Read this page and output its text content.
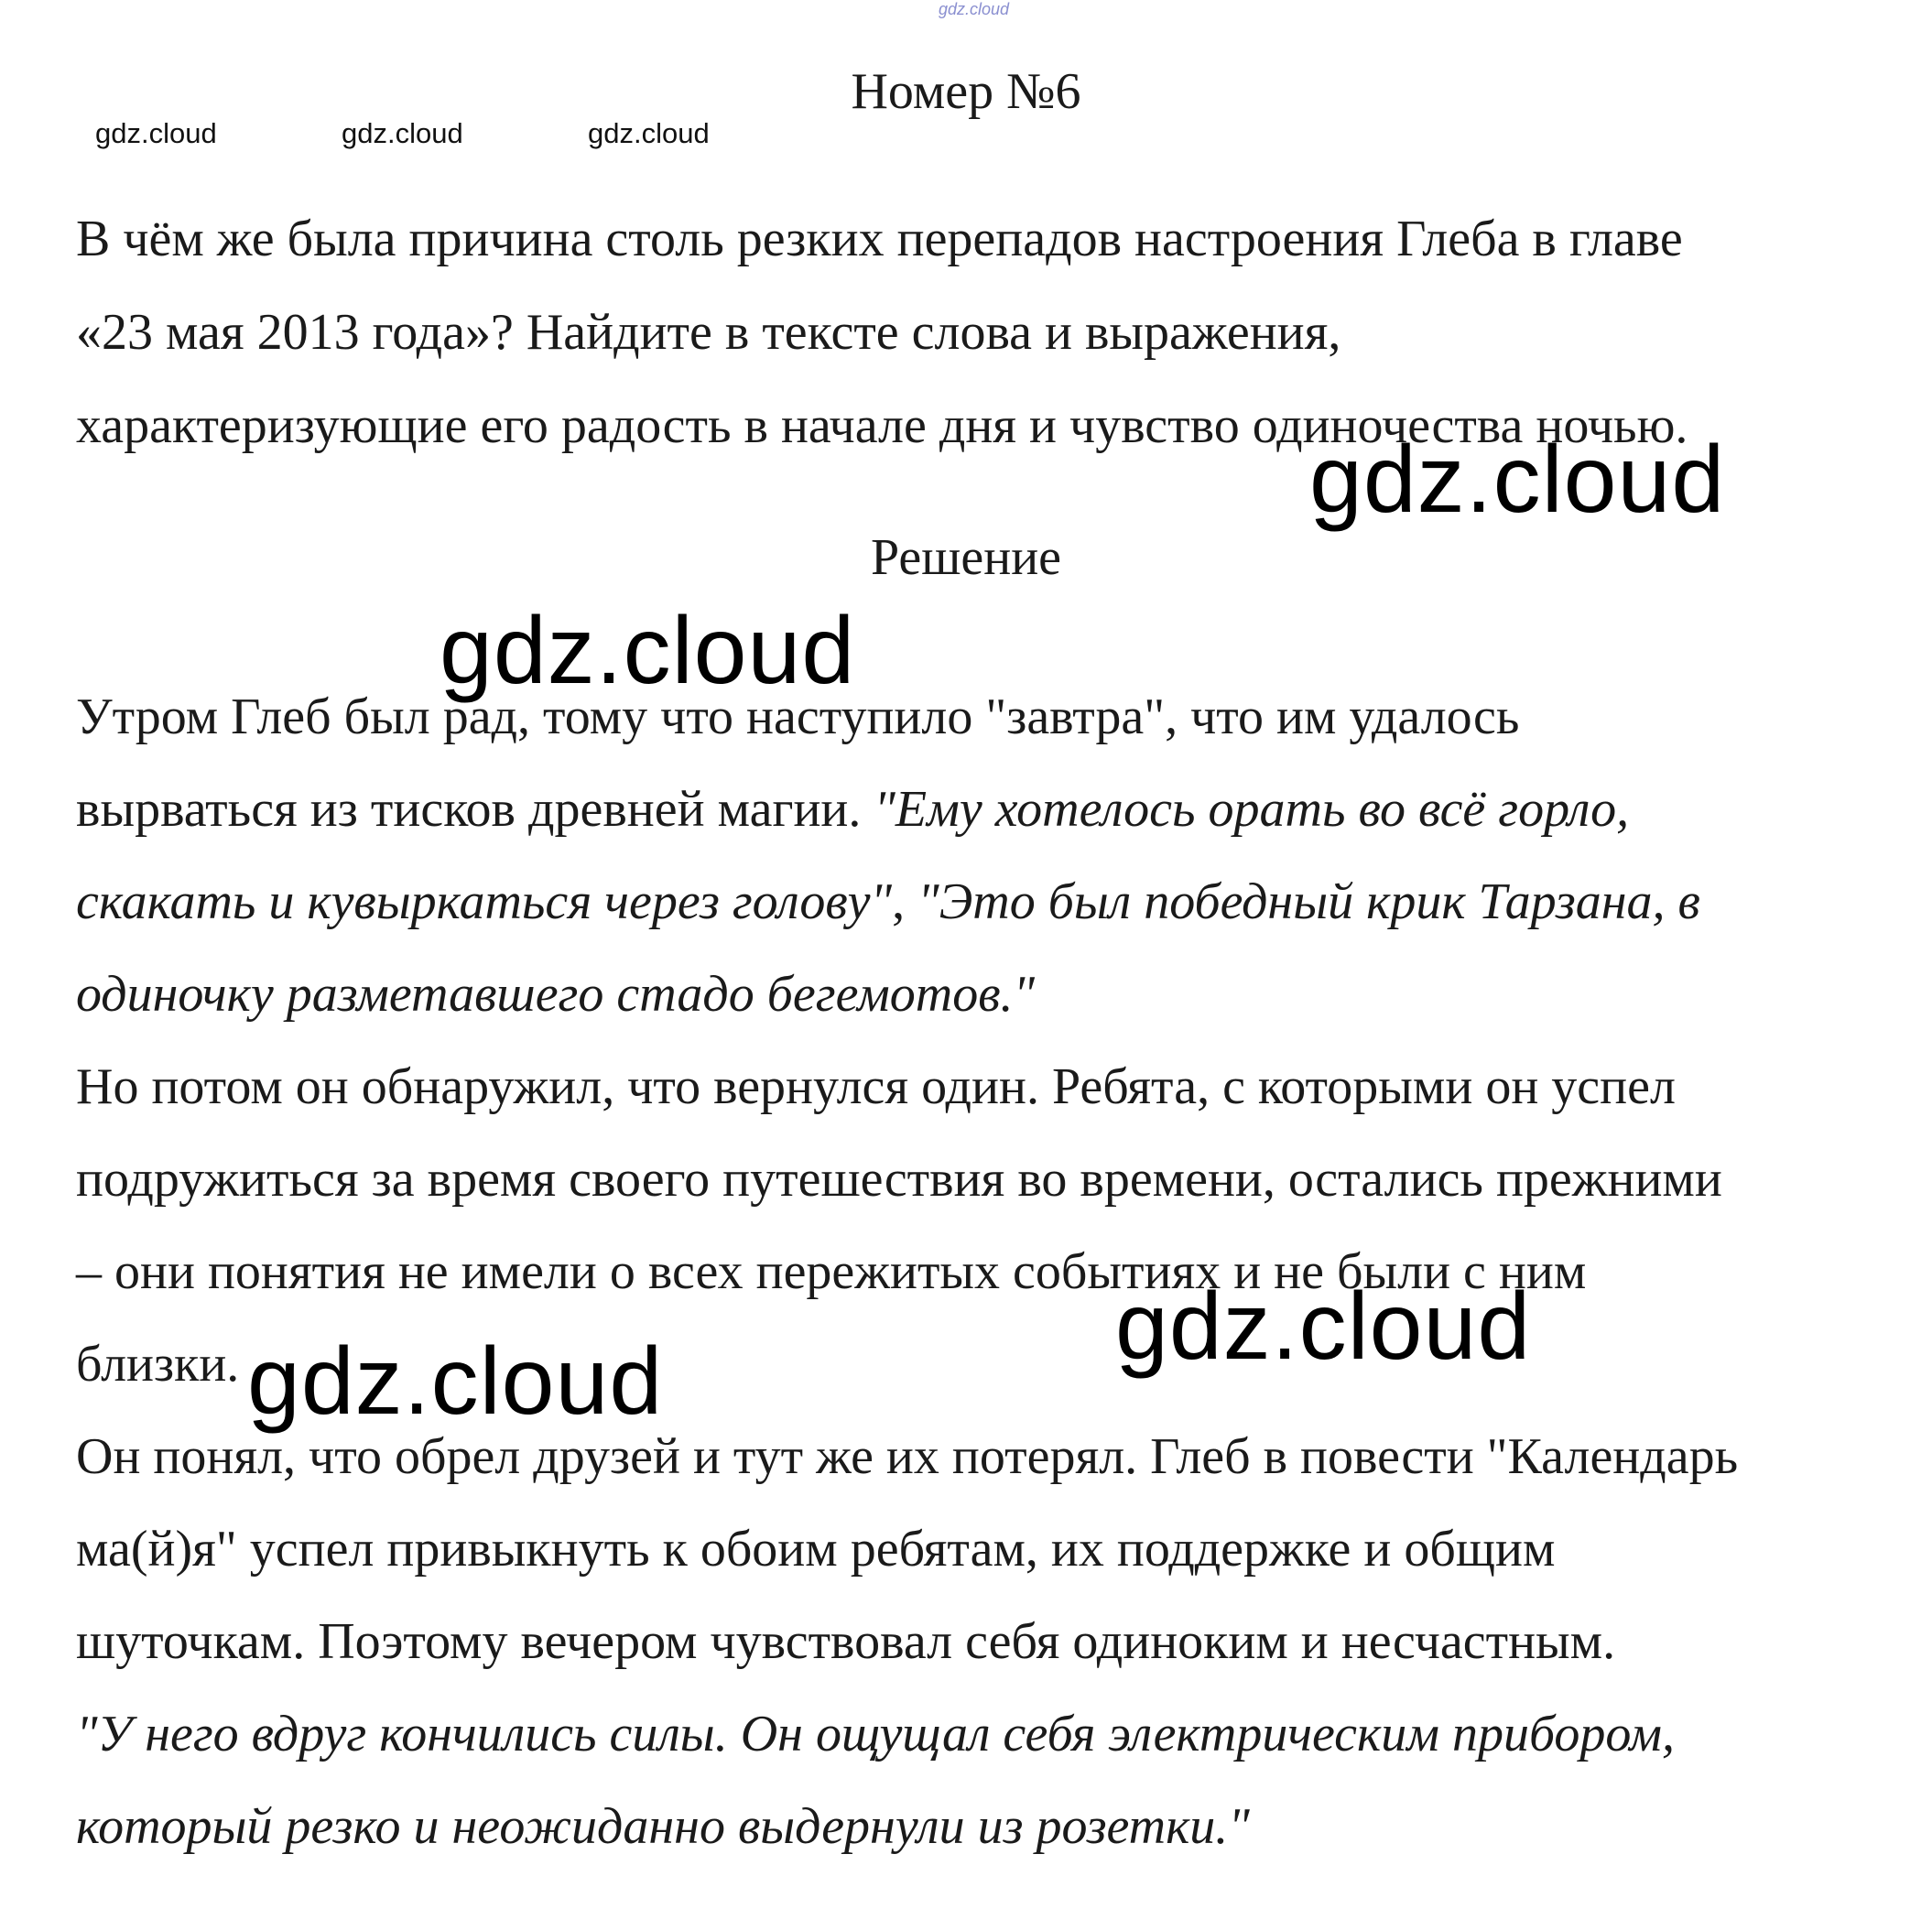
gdz.cloud
gdz.cloud	gdz.cloud	gdz.cloud
Номер №6
В чём же была причина столь резких перепадов настроения Глеба в главе
«23 мая 2013 года»? Найдите в тексте слова и выражения,
характеризующие его радость в начале дня и чувство одиночества ночью.
Решение
Утром Глеб был рад, тому что наступило "завтра", что им удалось
вырваться из тисков древней магии. "Ему хотелось орать во всё горло,
скакать и кувыркаться через голову", "Это был победный крик Тарзана, в
одиночку разметавшего стадо бегемотов."
Но потом он обнаружил, что вернулся один. Ребята, с которыми он успел
подружиться за время своего путешествия во времени, остались прежними
– они понятия не имели о всех пережитых событиях и не были с ним
близки.
Он понял, что обрел друзей и тут же их потерял. Глеб в повести "Календарь
ма(й)я" успел привыкнуть к обоим ребятам, их поддержке и общим
шуточкам. Поэтому вечером чувствовал себя одиноким и несчастным.
"У него вдруг кончились силы. Он ощущал себя электрическим прибором,
который резко и неожиданно выдернули из розетки."
gdz.cloud
gdz.cloud
gdz.cloud
gdz.cloud
